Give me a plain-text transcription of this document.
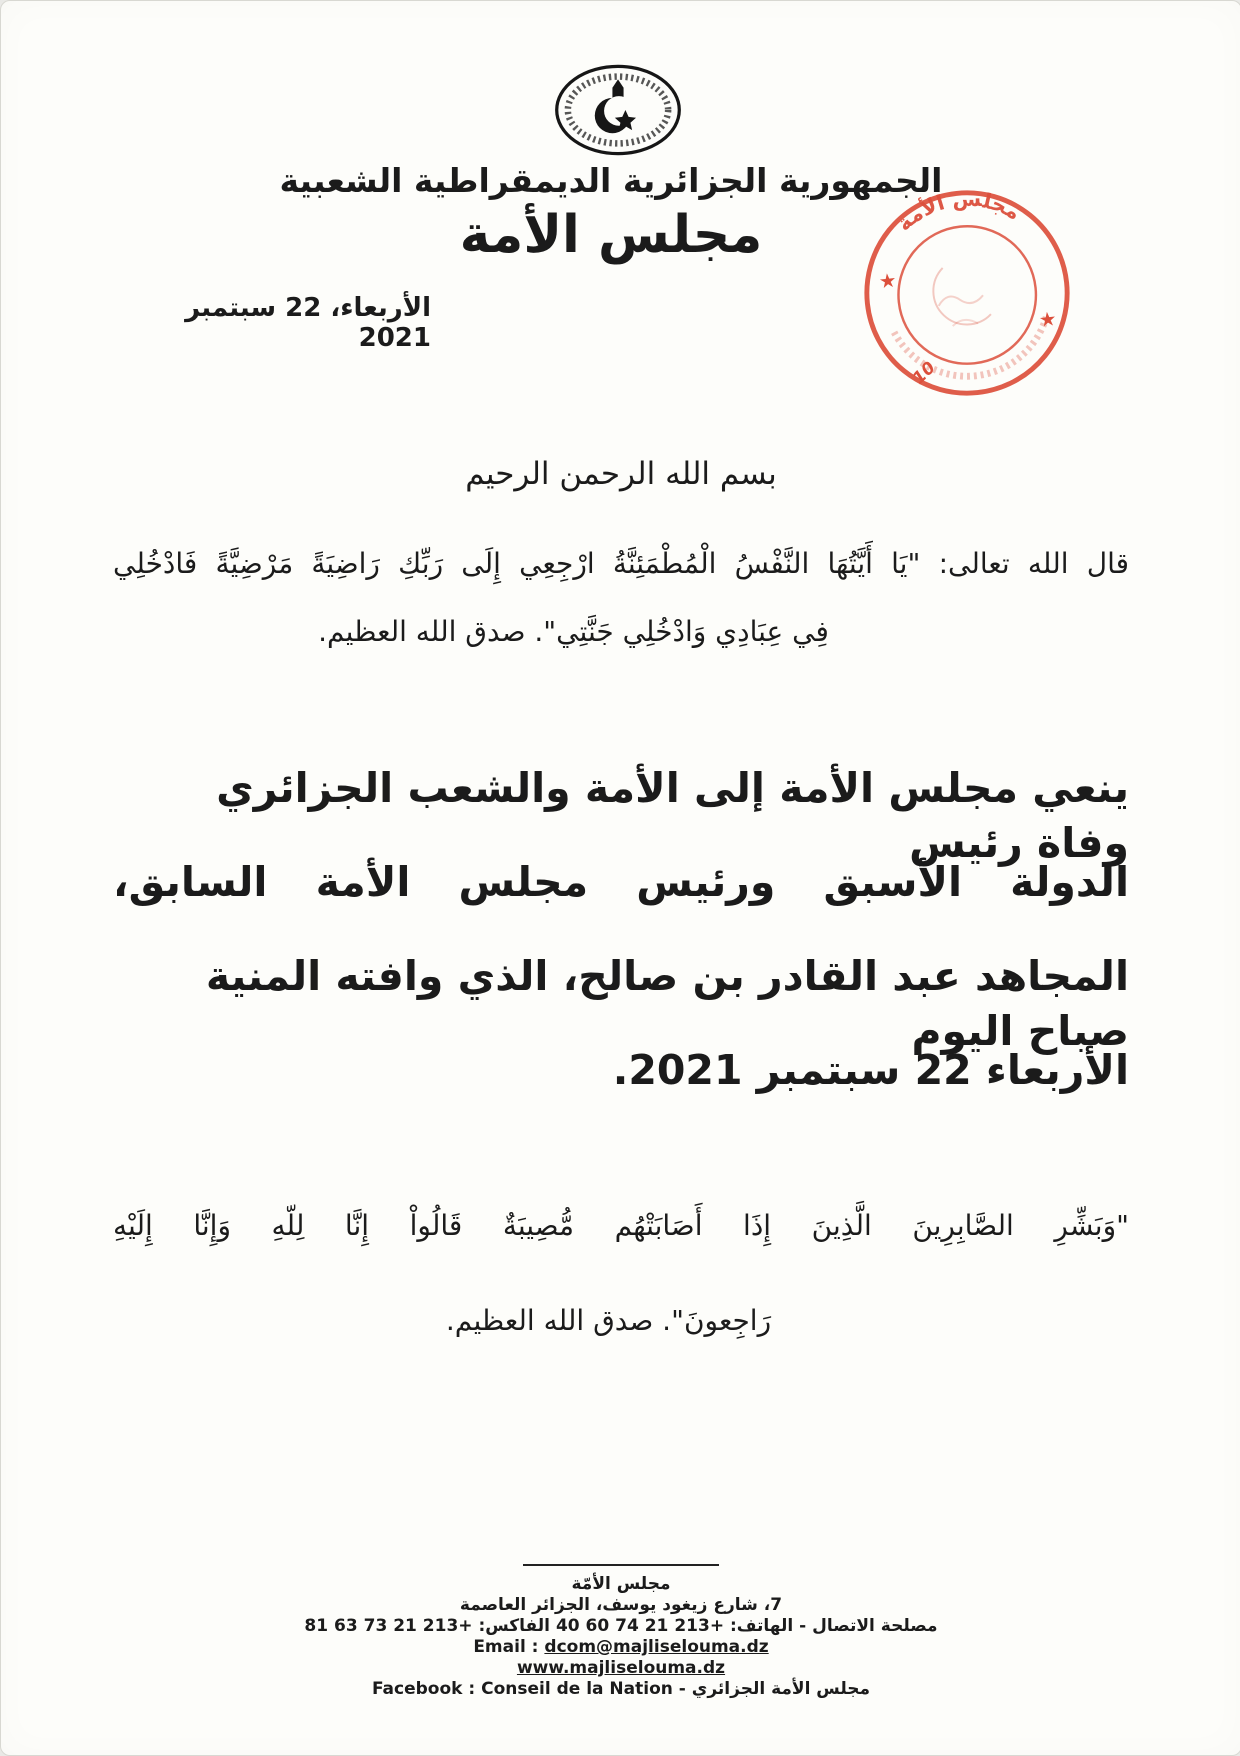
الجمهورية الجزائرية الديمقراطية الشعبية
مجلس الأمة
الأربعاء، 22 سبتمبر 2021
مجلس الأمة
★
★
10
بسم الله الرحمن الرحيم
قال الله تعالى: "يَا أَيَّتُهَا النَّفْسُ الْمُطْمَئِنَّةُ ارْجِعِي إِلَى رَبِّكِ رَاضِيَةً مَرْضِيَّةً فَادْخُلِي
فِي عِبَادِي وَادْخُلِي جَنَّتِي". صدق الله العظيم.
ينعي مجلس الأمة إلى الأمة والشعب الجزائري وفاة رئيس
الدولة الأسبق ورئيس مجلس الأمة السابق،
المجاهد عبد القادر بن صالح، الذي وافته المنية صباح اليوم
الأربعاء 22 سبتمبر 2021.
"وَبَشِّرِ الصَّابِرِينَ الَّذِينَ إِذَا أَصَابَتْهُم مُّصِيبَةٌ قَالُواْ إِنَّا لِلّهِ وَإِنَّا إِلَيْهِ
رَاجِعونَ". صدق الله العظيم.
مجلس الأمّة
7، شارع زيغود يوسف، الجزائر العاصمة
مصلحة الاتصال - الهاتف: +213 21 74 60 40 الفاكس: +213 21 73 63 81
Email : dcom@majliselouma.dz
www.majliselouma.dz
Facebook : Conseil de la Nation - مجلس الأمة الجزائري
